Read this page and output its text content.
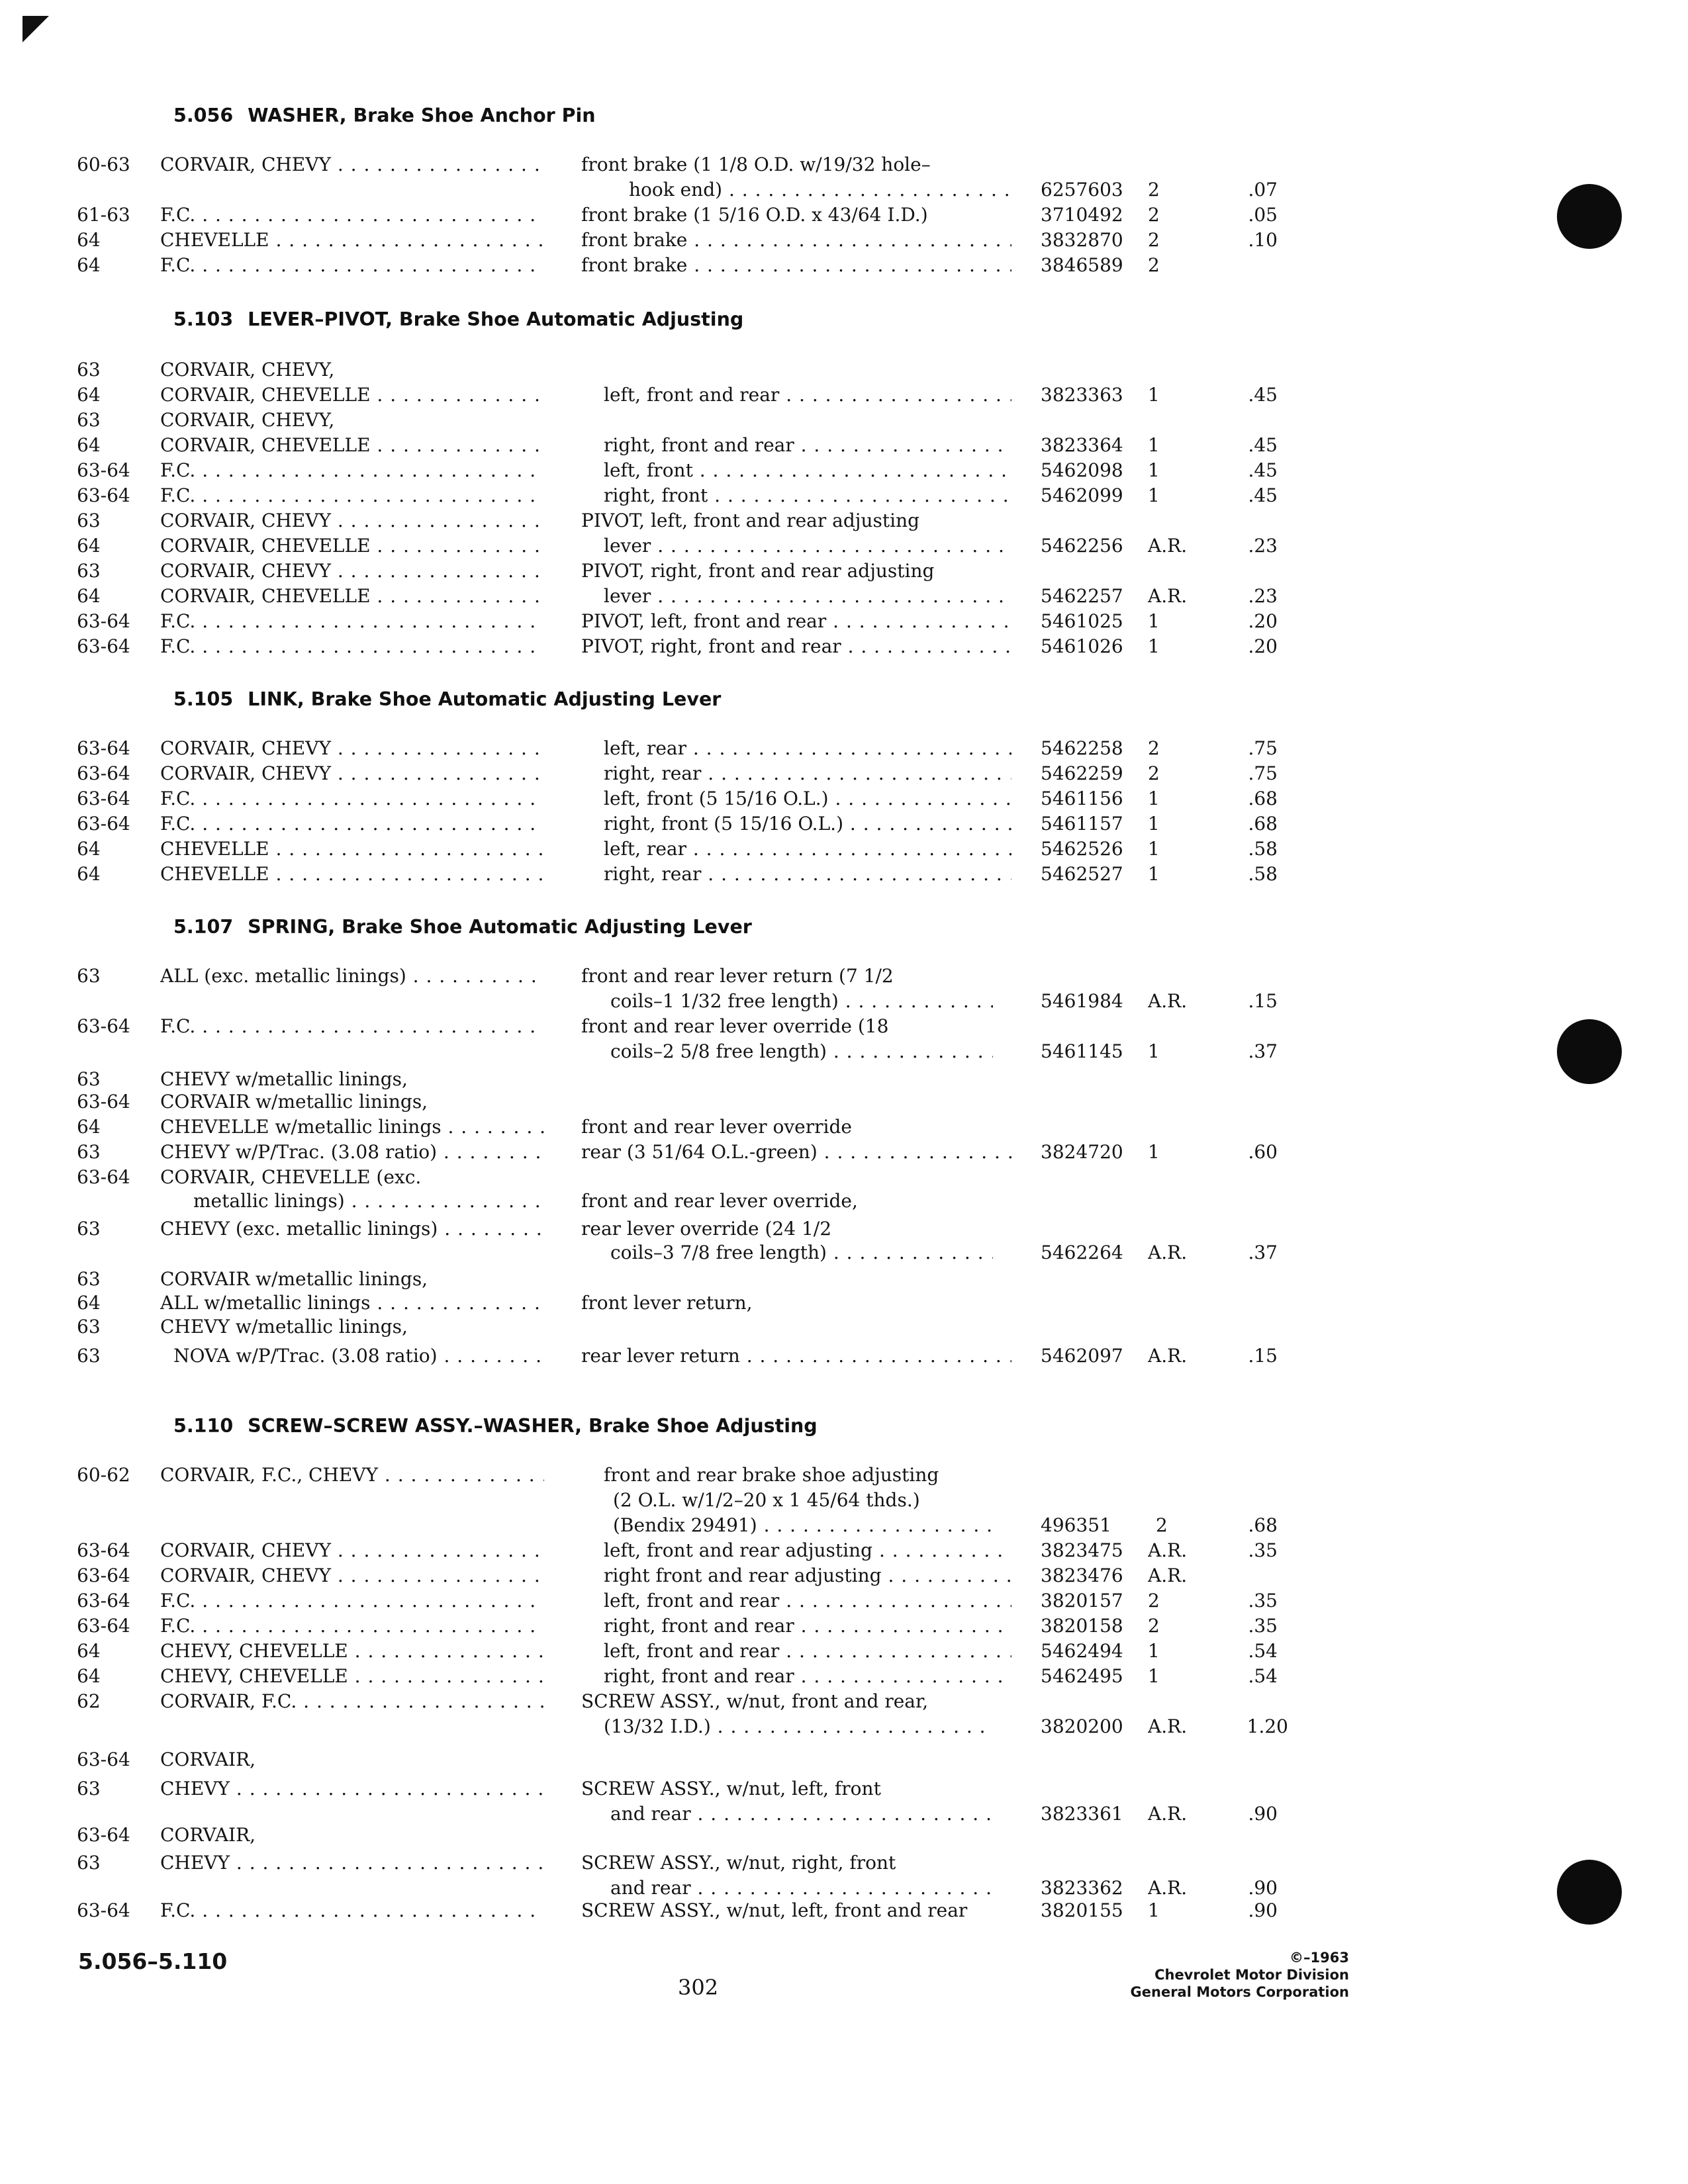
5.056 WASHER, Brake Shoe Anchor Pin
5.103 LEVER–PIVOT, Brake Shoe Automatic Adjusting
5.105 LINK, Brake Shoe Automatic Adjusting Lever
5.107 SPRING, Brake Shoe Automatic Adjusting Lever
5.110 SCREW–SCREW ASSY.–WASHER, Brake Shoe Adjusting
60-63	CORVAIR, CHEVY . . .	front brake (1 1/8 O.D. w/19/32 hole–
hook end) . . .	6257603	2	.07
61-63	F.C. . . .	front brake (1 5/16 O.D. x 43/64 I.D.)	3710492	2	.05
64	CHEVELLE . . .	front brake . . .	3832870	2	.10
64	F.C. . . .	front brake . . .	3846589	2
63	CORVAIR, CHEVY,
64	CORVAIR, CHEVELLE . . .	left, front and rear . . .	3823363	1	.45
63	CORVAIR, CHEVY,
64	CORVAIR, CHEVELLE . . .	right, front and rear . . .	3823364	1	.45
63-64	F.C. . . .	left, front . . .	5462098	1	.45
63-64	F.C. . . .	right, front . . .	5462099	1	.45
63	CORVAIR, CHEVY . . .	PIVOT, left, front and rear adjusting
64	CORVAIR, CHEVELLE . . .	lever . . .	5462256	A.R.	.23
63	CORVAIR, CHEVY . . .	PIVOT, right, front and rear adjusting
64	CORVAIR, CHEVELLE . . .	lever . . .	5462257	A.R.	.23
63-64	F.C. . . .	PIVOT, left, front and rear . . .	5461025	1	.20
63-64	F.C. . . .	PIVOT, right, front and rear . . .	5461026	1	.20
63-64	CORVAIR, CHEVY . . .	left, rear . . .	5462258	2	.75
63-64	CORVAIR, CHEVY . . .	right, rear . . .	5462259	2	.75
63-64	F.C. . . .	left, front (5 15/16 O.L.) . . .	5461156	1	.68
63-64	F.C. . . .	right, front (5 15/16 O.L.) . . .	5461157	1	.68
64	CHEVELLE . . .	left, rear . . .	5462526	1	.58
64	CHEVELLE . . .	right, rear . . .	5462527	1	.58
63	ALL (exc. metallic linings) . . .	front and rear lever return (7 1/2
coils–1 1/32 free length) . . .	5461984	A.R.	.15
63-64	F.C. . . .	front and rear lever override (18
coils–2 5/8 free length) . . .	5461145	1	.37
63	CHEVY w/metallic linings,
63-64	CORVAIR w/metallic linings,
64	CHEVELLE w/metallic linings . . .	front and rear lever override
63	CHEVY w/P/Trac. (3.08 ratio) . . .	rear (3 51/64 O.L.-green) . . .	3824720	1	.60
63-64	CORVAIR, CHEVELLE (exc.
metallic linings) . . .	front and rear lever override,
63	CHEVY (exc. metallic linings) . . .	rear lever override (24 1/2
coils–3 7/8 free length) . . .	5462264	A.R.	.37
63	CORVAIR w/metallic linings,
64	ALL w/metallic linings . . .	front lever return,
63	CHEVY w/metallic linings,
63	NOVA w/P/Trac. (3.08 ratio) . . .	rear lever return . . .	5462097	A.R.	.15
60-62	CORVAIR, F.C., CHEVY . . .	front and rear brake shoe adjusting
(2 O.L. w/1/2–20 x 1 45/64 thds.)
(Bendix 29491) . . .	496351	2	.68
63-64	CORVAIR, CHEVY . . .	left, front and rear adjusting . . .	3823475	A.R.	.35
63-64	CORVAIR, CHEVY . . .	right front and rear adjusting . . .	3823476	A.R.
63-64	F.C. . . .	left, front and rear . . .	3820157	2	.35
63-64	F.C. . . .	right, front and rear . . .	3820158	2	.35
64	CHEVY, CHEVELLE . . .	left, front and rear . . .	5462494	1	.54
64	CHEVY, CHEVELLE . . .	right, front and rear . . .	5462495	1	.54
62	CORVAIR, F.C. . . .	SCREW ASSY., w/nut, front and rear,
(13/32 I.D.) . . .	3820200	A.R.	1.20
63-64	CORVAIR,
63	CHEVY . . .	SCREW ASSY., w/nut, left, front
and rear . . .	3823361	A.R.	.90
63-64	CORVAIR,
63	CHEVY . . .	SCREW ASSY., w/nut, right, front
and rear . . .	3823362	A.R.	.90
63-64	F.C. . . .	SCREW ASSY., w/nut, left, front and rear	3820155	1	.90
5.056–5.110
302
©–1963
Chevrolet Motor Division
General Motors Corporation
